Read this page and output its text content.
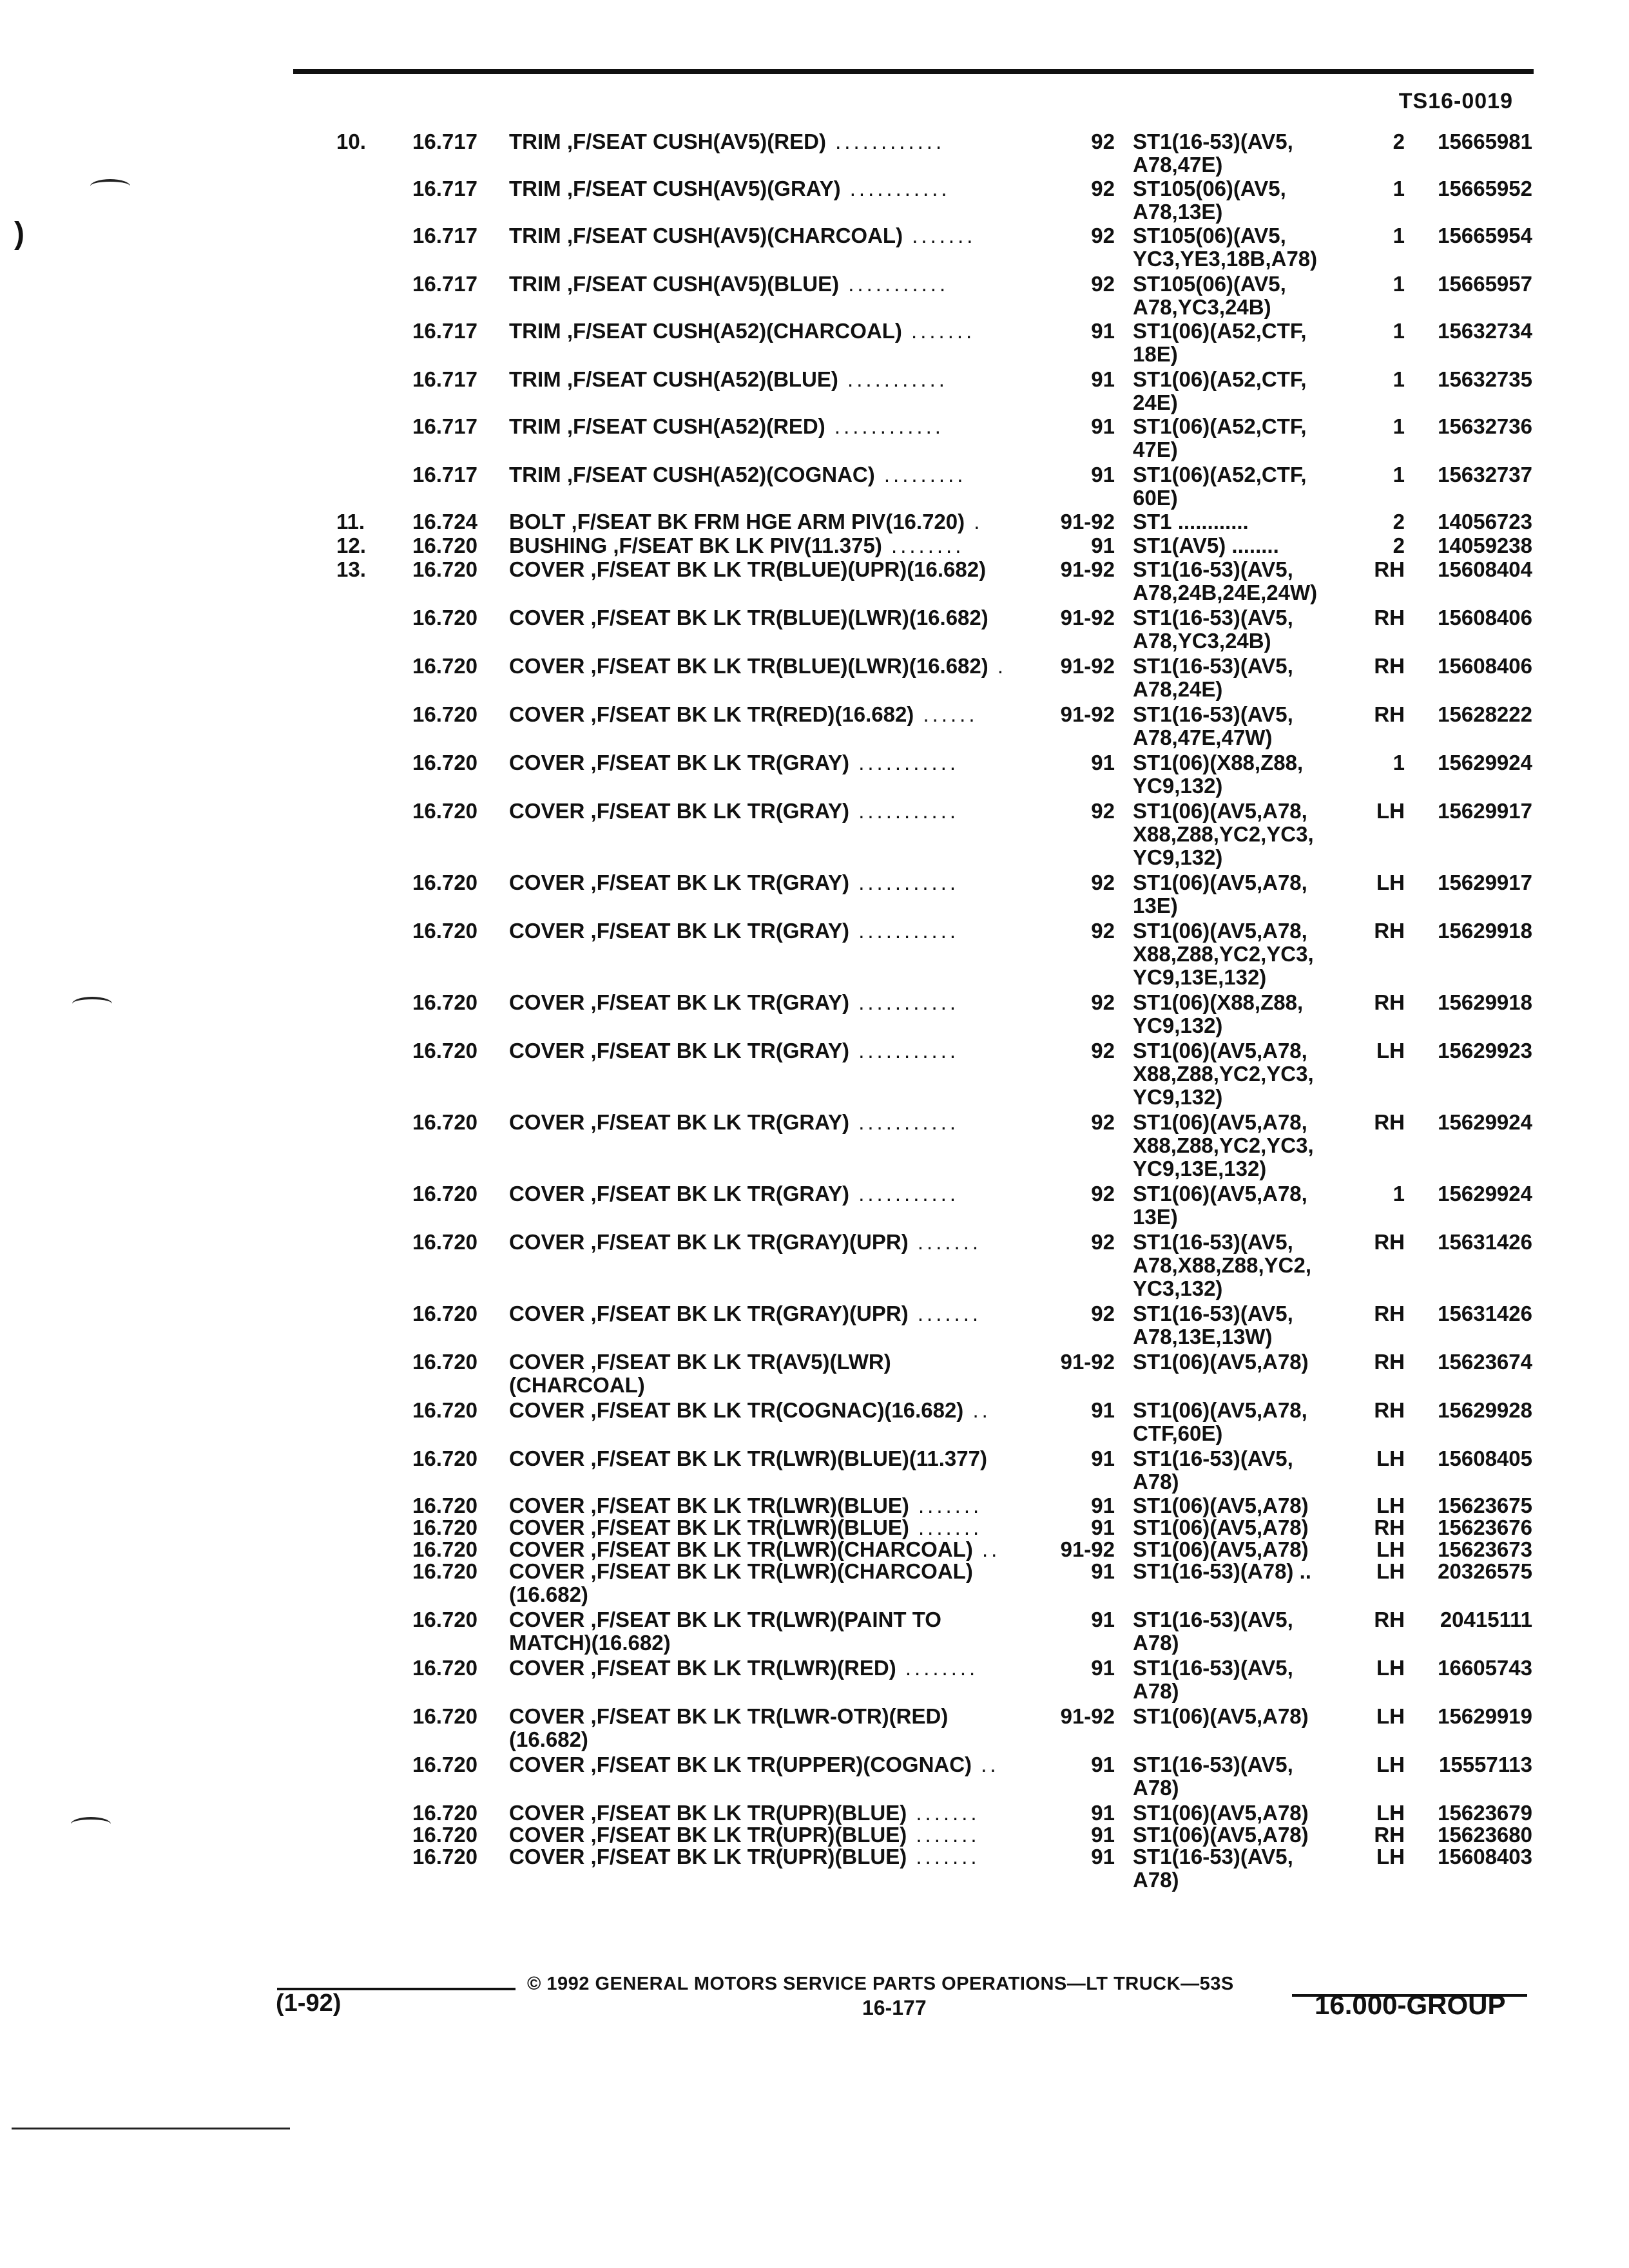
TS16-0019
)
10. 16.717 TRIM ,F/SEAT CUSH(AV5)(RED) ............	92 ST1(16-53)(AV5,
A78,47E)
2	15665981
16.717 TRIM ,F/SEAT CUSH(AV5)(GRAY) ...........	92 ST105(06)(AV5,
A78,13E)
1	15665952
16.717 TRIM ,F/SEAT CUSH(AV5)(CHARCOAL) .......	92 ST105(06)(AV5,
YC3,YE3,18B,A78)
1	15665954
16.717 TRIM ,F/SEAT CUSH(AV5)(BLUE) ...........	92 ST105(06)(AV5,
A78,YC3,24B)
1	15665957
16.717 TRIM ,F/SEAT CUSH(A52)(CHARCOAL) .......	91 ST1(06)(A52,CTF,
18E)
1	15632734
16.717 TRIM ,F/SEAT CUSH(A52)(BLUE) ...........	91 ST1(06)(A52,CTF,
24E)
1	15632735
16.717 TRIM ,F/SEAT CUSH(A52)(RED) ............	91 ST1(06)(A52,CTF,
47E)
1	15632736
16.717 TRIM ,F/SEAT CUSH(A52)(COGNAC) .........	91 ST1(06)(A52,CTF,
60E)
1	15632737
11. 16.724 BOLT ,F/SEAT BK FRM HGE ARM PIV(16.720) .	91-92 ST1 ............	2	14056723
12. 16.720 BUSHING ,F/SEAT BK LK PIV(11.375) ........	91 ST1(AV5) ........	2	14059238
13. 16.720 COVER ,F/SEAT BK LK TR(BLUE)(UPR)(16.682)	91-92 ST1(16-53)(AV5,
A78,24B,24E,24W)
RH	15608404
16.720 COVER ,F/SEAT BK LK TR(BLUE)(LWR)(16.682)	91-92 ST1(16-53)(AV5,
A78,YC3,24B)
RH	15608406
16.720 COVER ,F/SEAT BK LK TR(BLUE)(LWR)(16.682) .	91-92 ST1(16-53)(AV5,
A78,24E)
RH	15608406
16.720 COVER ,F/SEAT BK LK TR(RED)(16.682) ......	91-92 ST1(16-53)(AV5,
A78,47E,47W)
RH	15628222
16.720 COVER ,F/SEAT BK LK TR(GRAY) ...........	91 ST1(06)(X88,Z88,
YC9,132)
1	15629924
16.720 COVER ,F/SEAT BK LK TR(GRAY) ...........	92 ST1(06)(AV5,A78,
X88,Z88,YC2,YC3,
YC9,132)
LH	15629917
16.720 COVER ,F/SEAT BK LK TR(GRAY) ...........	92 ST1(06)(AV5,A78,
13E)
LH	15629917
16.720 COVER ,F/SEAT BK LK TR(GRAY) ...........	92 ST1(06)(AV5,A78,
X88,Z88,YC2,YC3,
YC9,13E,132)
RH	15629918
16.720 COVER ,F/SEAT BK LK TR(GRAY) ...........	92 ST1(06)(X88,Z88,
YC9,132)
RH	15629918
16.720 COVER ,F/SEAT BK LK TR(GRAY) ...........	92 ST1(06)(AV5,A78,
X88,Z88,YC2,YC3,
YC9,132)
LH	15629923
16.720 COVER ,F/SEAT BK LK TR(GRAY) ...........	92 ST1(06)(AV5,A78,
X88,Z88,YC2,YC3,
YC9,13E,132)
RH	15629924
16.720 COVER ,F/SEAT BK LK TR(GRAY) ...........	92 ST1(06)(AV5,A78,
13E)
1	15629924
16.720 COVER ,F/SEAT BK LK TR(GRAY)(UPR) .......	92 ST1(16-53)(AV5,
A78,X88,Z88,YC2,
YC3,132)
RH	15631426
16.720 COVER ,F/SEAT BK LK TR(GRAY)(UPR) .......	92 ST1(16-53)(AV5,
A78,13E,13W)
RH	15631426
16.720 COVER ,F/SEAT BK LK TR(AV5)(LWR)
(CHARCOAL)
91-92 ST1(06)(AV5,A78)	RH	15623674
16.720 COVER ,F/SEAT BK LK TR(COGNAC)(16.682) ..	91 ST1(06)(AV5,A78,
CTF,60E)
RH	15629928
16.720 COVER ,F/SEAT BK LK TR(LWR)(BLUE)(11.377)	91 ST1(16-53)(AV5,
A78)
LH	15608405
16.720 COVER ,F/SEAT BK LK TR(LWR)(BLUE) .......	91 ST1(06)(AV5,A78)	LH	15623675
16.720 COVER ,F/SEAT BK LK TR(LWR)(BLUE) .......	91 ST1(06)(AV5,A78)	RH	15623676
16.720 COVER ,F/SEAT BK LK TR(LWR)(CHARCOAL) ..	91-92 ST1(06)(AV5,A78)	LH	15623673
16.720 COVER ,F/SEAT BK LK TR(LWR)(CHARCOAL)
(16.682)
91 ST1(16-53)(A78) ..	LH	20326575
16.720 COVER ,F/SEAT BK LK TR(LWR)(PAINT TO
MATCH)(16.682)
91 ST1(16-53)(AV5,
A78)
RH	20415111
16.720 COVER ,F/SEAT BK LK TR(LWR)(RED) ........	91 ST1(16-53)(AV5,
A78)
LH	16605743
16.720 COVER ,F/SEAT BK LK TR(LWR-OTR)(RED)
(16.682)
91-92 ST1(06)(AV5,A78)	LH	15629919
16.720 COVER ,F/SEAT BK LK TR(UPPER)(COGNAC) ..	91 ST1(16-53)(AV5,
A78)
LH	15557113
16.720 COVER ,F/SEAT BK LK TR(UPR)(BLUE) .......	91 ST1(06)(AV5,A78)	LH	15623679
16.720 COVER ,F/SEAT BK LK TR(UPR)(BLUE) .......	91 ST1(06)(AV5,A78)	RH	15623680
16.720 COVER ,F/SEAT BK LK TR(UPR)(BLUE) .......	91 ST1(16-53)(AV5,
A78)
LH	15608403
© 1992 GENERAL MOTORS SERVICE PARTS OPERATIONS—LT TRUCK—53S
(1-92)	16-177	16.000-GROUP
